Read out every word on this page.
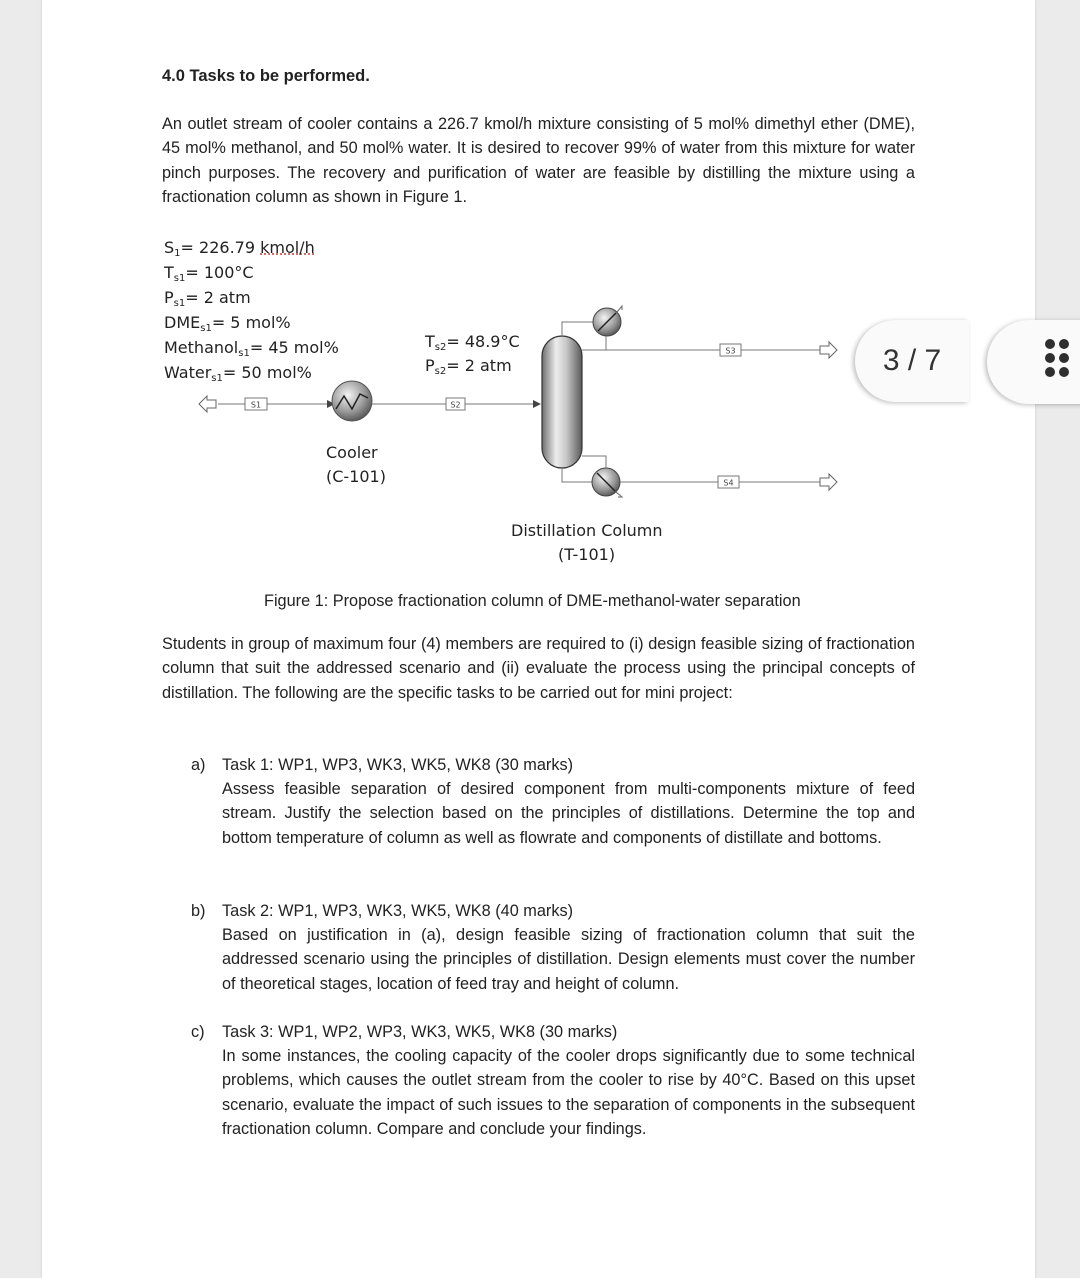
4.0 Tasks to be performed.
An outlet stream of cooler contains a 226.7 kmol/h mixture consisting of 5 mol% dimethyl ether (DME), 45 mol% methanol, and 50 mol% water. It is desired to recover 99% of water from this mixture for water pinch purposes. The recovery and purification of water are feasible by distilling the mixture using a fractionation column as shown in Figure 1.
$S_1= 226.79$ kmol/h
$T_{s1}= 100^\circ C$
$P_{s1}= 2$ atm
$DME_{s1}= 5$ mol%
Methanol$_{s1}$= 45 mol%
Water$_{s1}$= 50 mol%
$T_{s2}= 48.9^\circ C$
$P_{s2}= 2$ atm
S1	S2
S3
S4
Cooler
(C-101)
Distillation Column
(T-101)
Figure 1: Propose fractionation column of DME-methanol-water separation
Students in group of maximum four (4) members are required to (i) design feasible sizing of fractionation column that suit the addressed scenario and (ii) evaluate the process using the principal concepts of distillation. The following are the specific tasks to be carried out for mini project:
a) Task 1: WP1, WP3, WK3, WK5, WK8 (30 marks)
Assess feasible separation of desired component from multi-components mixture of feed stream. Justify the selection based on the principles of distillations. Determine the top and bottom temperature of column as well as flowrate and components of distillate and bottoms.
b) Task 2: WP1, WP3, WK3, WK5, WK8 (40 marks)
Based on justification in (a), design feasible sizing of fractionation column that suit the addressed scenario using the principles of distillation. Design elements must cover the number of theoretical stages, location of feed tray and height of column.
c) Task 3: WP1, WP2, WP3, WK3, WK5, WK8 (30 marks)
In some instances, the cooling capacity of the cooler drops significantly due to some technical problems, which causes the outlet stream from the cooler to rise by 40°C. Based on this upset scenario, evaluate the impact of such issues to the separation of components in the subsequent fractionation column. Compare and conclude your findings.
3 / 7
